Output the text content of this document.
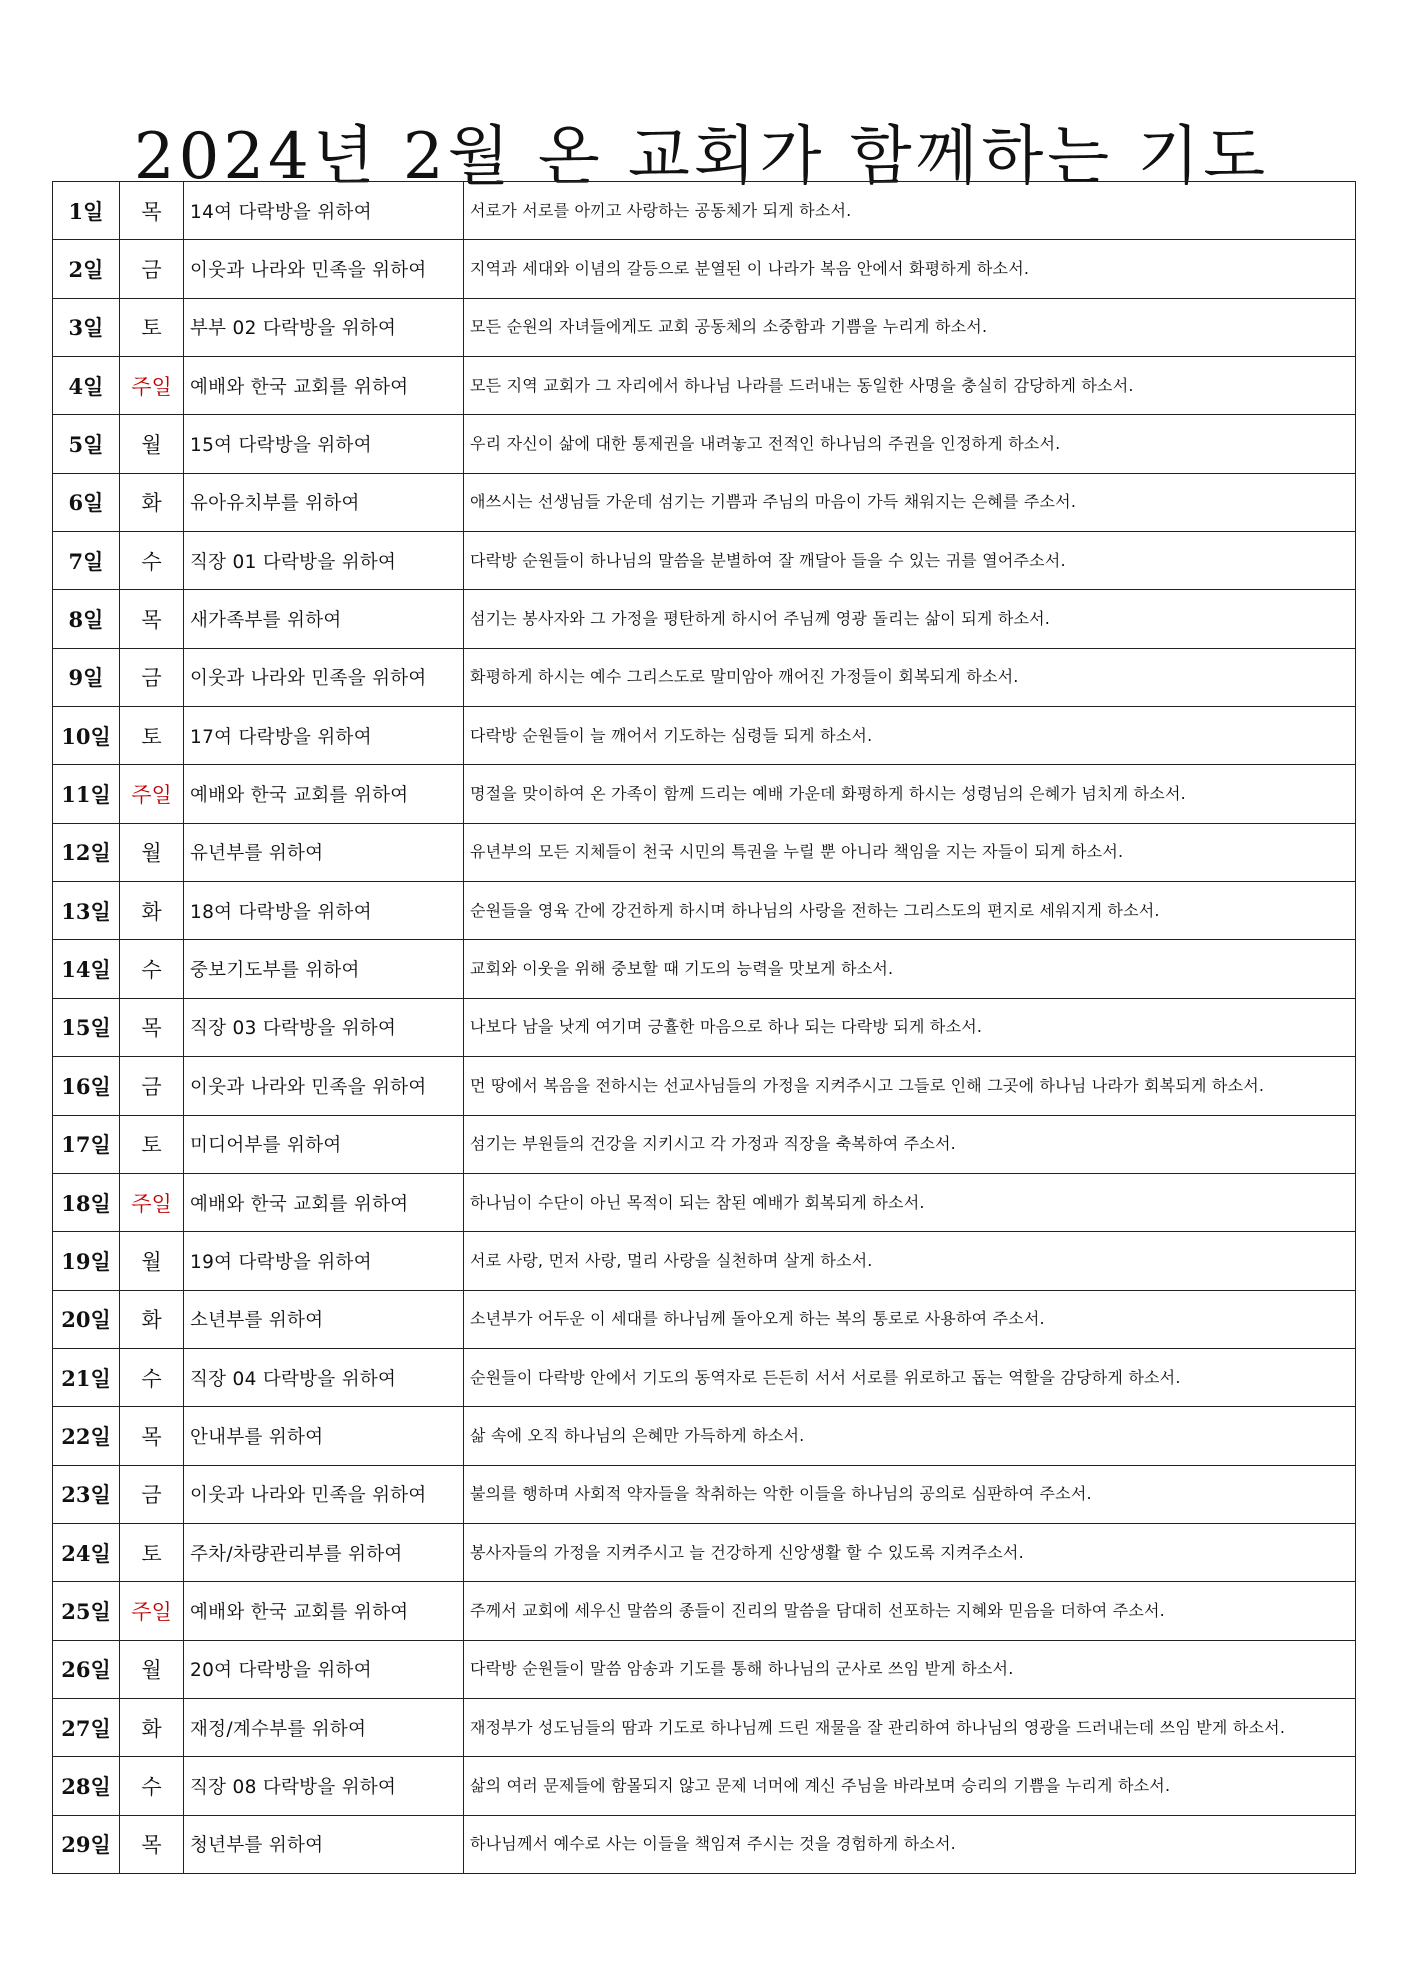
2024년 2월 온 교회가 함께하는 기도
1일	목	14여 다락방을 위하여	서로가 서로를 아끼고 사랑하는 공동체가 되게 하소서.
2일	금	이웃과 나라와 민족을 위하여	지역과 세대와 이념의 갈등으로 분열된 이 나라가 복음 안에서 화평하게 하소서.
3일	토	부부 02 다락방을 위하여	모든 순원의 자녀들에게도 교회 공동체의 소중함과 기쁨을 누리게 하소서.
4일	주일	예배와 한국 교회를 위하여	모든 지역 교회가 그 자리에서 하나님 나라를 드러내는 동일한 사명을 충실히 감당하게 하소서.
5일	월	15여 다락방을 위하여	우리 자신이 삶에 대한 통제권을 내려놓고 전적인 하나님의 주권을 인정하게 하소서.
6일	화	유아유치부를 위하여	애쓰시는 선생님들 가운데 섬기는 기쁨과 주님의 마음이 가득 채워지는 은혜를 주소서.
7일	수	직장 01 다락방을 위하여	다락방 순원들이 하나님의 말씀을 분별하여 잘 깨달아 들을 수 있는 귀를 열어주소서.
8일	목	새가족부를 위하여	섬기는 봉사자와 그 가정을 평탄하게 하시어 주님께 영광 돌리는 삶이 되게 하소서.
9일	금	이웃과 나라와 민족을 위하여	화평하게 하시는 예수 그리스도로 말미암아 깨어진 가정들이 회복되게 하소서.
10일	토	17여 다락방을 위하여	다락방 순원들이 늘 깨어서 기도하는 심령들 되게 하소서.
11일	주일	예배와 한국 교회를 위하여	명절을 맞이하여 온 가족이 함께 드리는 예배 가운데 화평하게 하시는 성령님의 은혜가 넘치게 하소서.
12일	월	유년부를 위하여	유년부의 모든 지체들이 천국 시민의 특권을 누릴 뿐 아니라 책임을 지는 자들이 되게 하소서.
13일	화	18여 다락방을 위하여	순원들을 영육 간에 강건하게 하시며 하나님의 사랑을 전하는 그리스도의 편지로 세워지게 하소서.
14일	수	중보기도부를 위하여	교회와 이웃을 위해 중보할 때 기도의 능력을 맛보게 하소서.
15일	목	직장 03 다락방을 위하여	나보다 남을 낫게 여기며 긍휼한 마음으로 하나 되는 다락방 되게 하소서.
16일	금	이웃과 나라와 민족을 위하여	먼 땅에서 복음을 전하시는 선교사님들의 가정을 지켜주시고 그들로 인해 그곳에 하나님 나라가 회복되게 하소서.
17일	토	미디어부를 위하여	섬기는 부원들의 건강을 지키시고 각 가정과 직장을 축복하여 주소서.
18일	주일	예배와 한국 교회를 위하여	하나님이 수단이 아닌 목적이 되는 참된 예배가 회복되게 하소서.
19일	월	19여 다락방을 위하여	서로 사랑, 먼저 사랑, 멀리 사랑을 실천하며 살게 하소서.
20일	화	소년부를 위하여	소년부가 어두운 이 세대를 하나님께 돌아오게 하는 복의 통로로 사용하여 주소서.
21일	수	직장 04 다락방을 위하여	순원들이 다락방 안에서 기도의 동역자로 든든히 서서 서로를 위로하고 돕는 역할을 감당하게 하소서.
22일	목	안내부를 위하여	삶 속에 오직 하나님의 은혜만 가득하게 하소서.
23일	금	이웃과 나라와 민족을 위하여	불의를 행하며 사회적 약자들을 착취하는 악한 이들을 하나님의 공의로 심판하여 주소서.
24일	토	주차/차량관리부를 위하여	봉사자들의 가정을 지켜주시고 늘 건강하게 신앙생활 할 수 있도록 지켜주소서.
25일	주일	예배와 한국 교회를 위하여	주께서 교회에 세우신 말씀의 종들이 진리의 말씀을 담대히 선포하는 지혜와 믿음을 더하여 주소서.
26일	월	20여 다락방을 위하여	다락방 순원들이 말씀 암송과 기도를 통해 하나님의 군사로 쓰임 받게 하소서.
27일	화	재정/계수부를 위하여	재정부가 성도님들의 땀과 기도로 하나님께 드린 재물을 잘 관리하여 하나님의 영광을 드러내는데 쓰임 받게 하소서.
28일	수	직장 08 다락방을 위하여	삶의 여러 문제들에 함몰되지 않고 문제 너머에 계신 주님을 바라보며 승리의 기쁨을 누리게 하소서.
29일	목	청년부를 위하여	하나님께서 예수로 사는 이들을 책임져 주시는 것을 경험하게 하소서.
